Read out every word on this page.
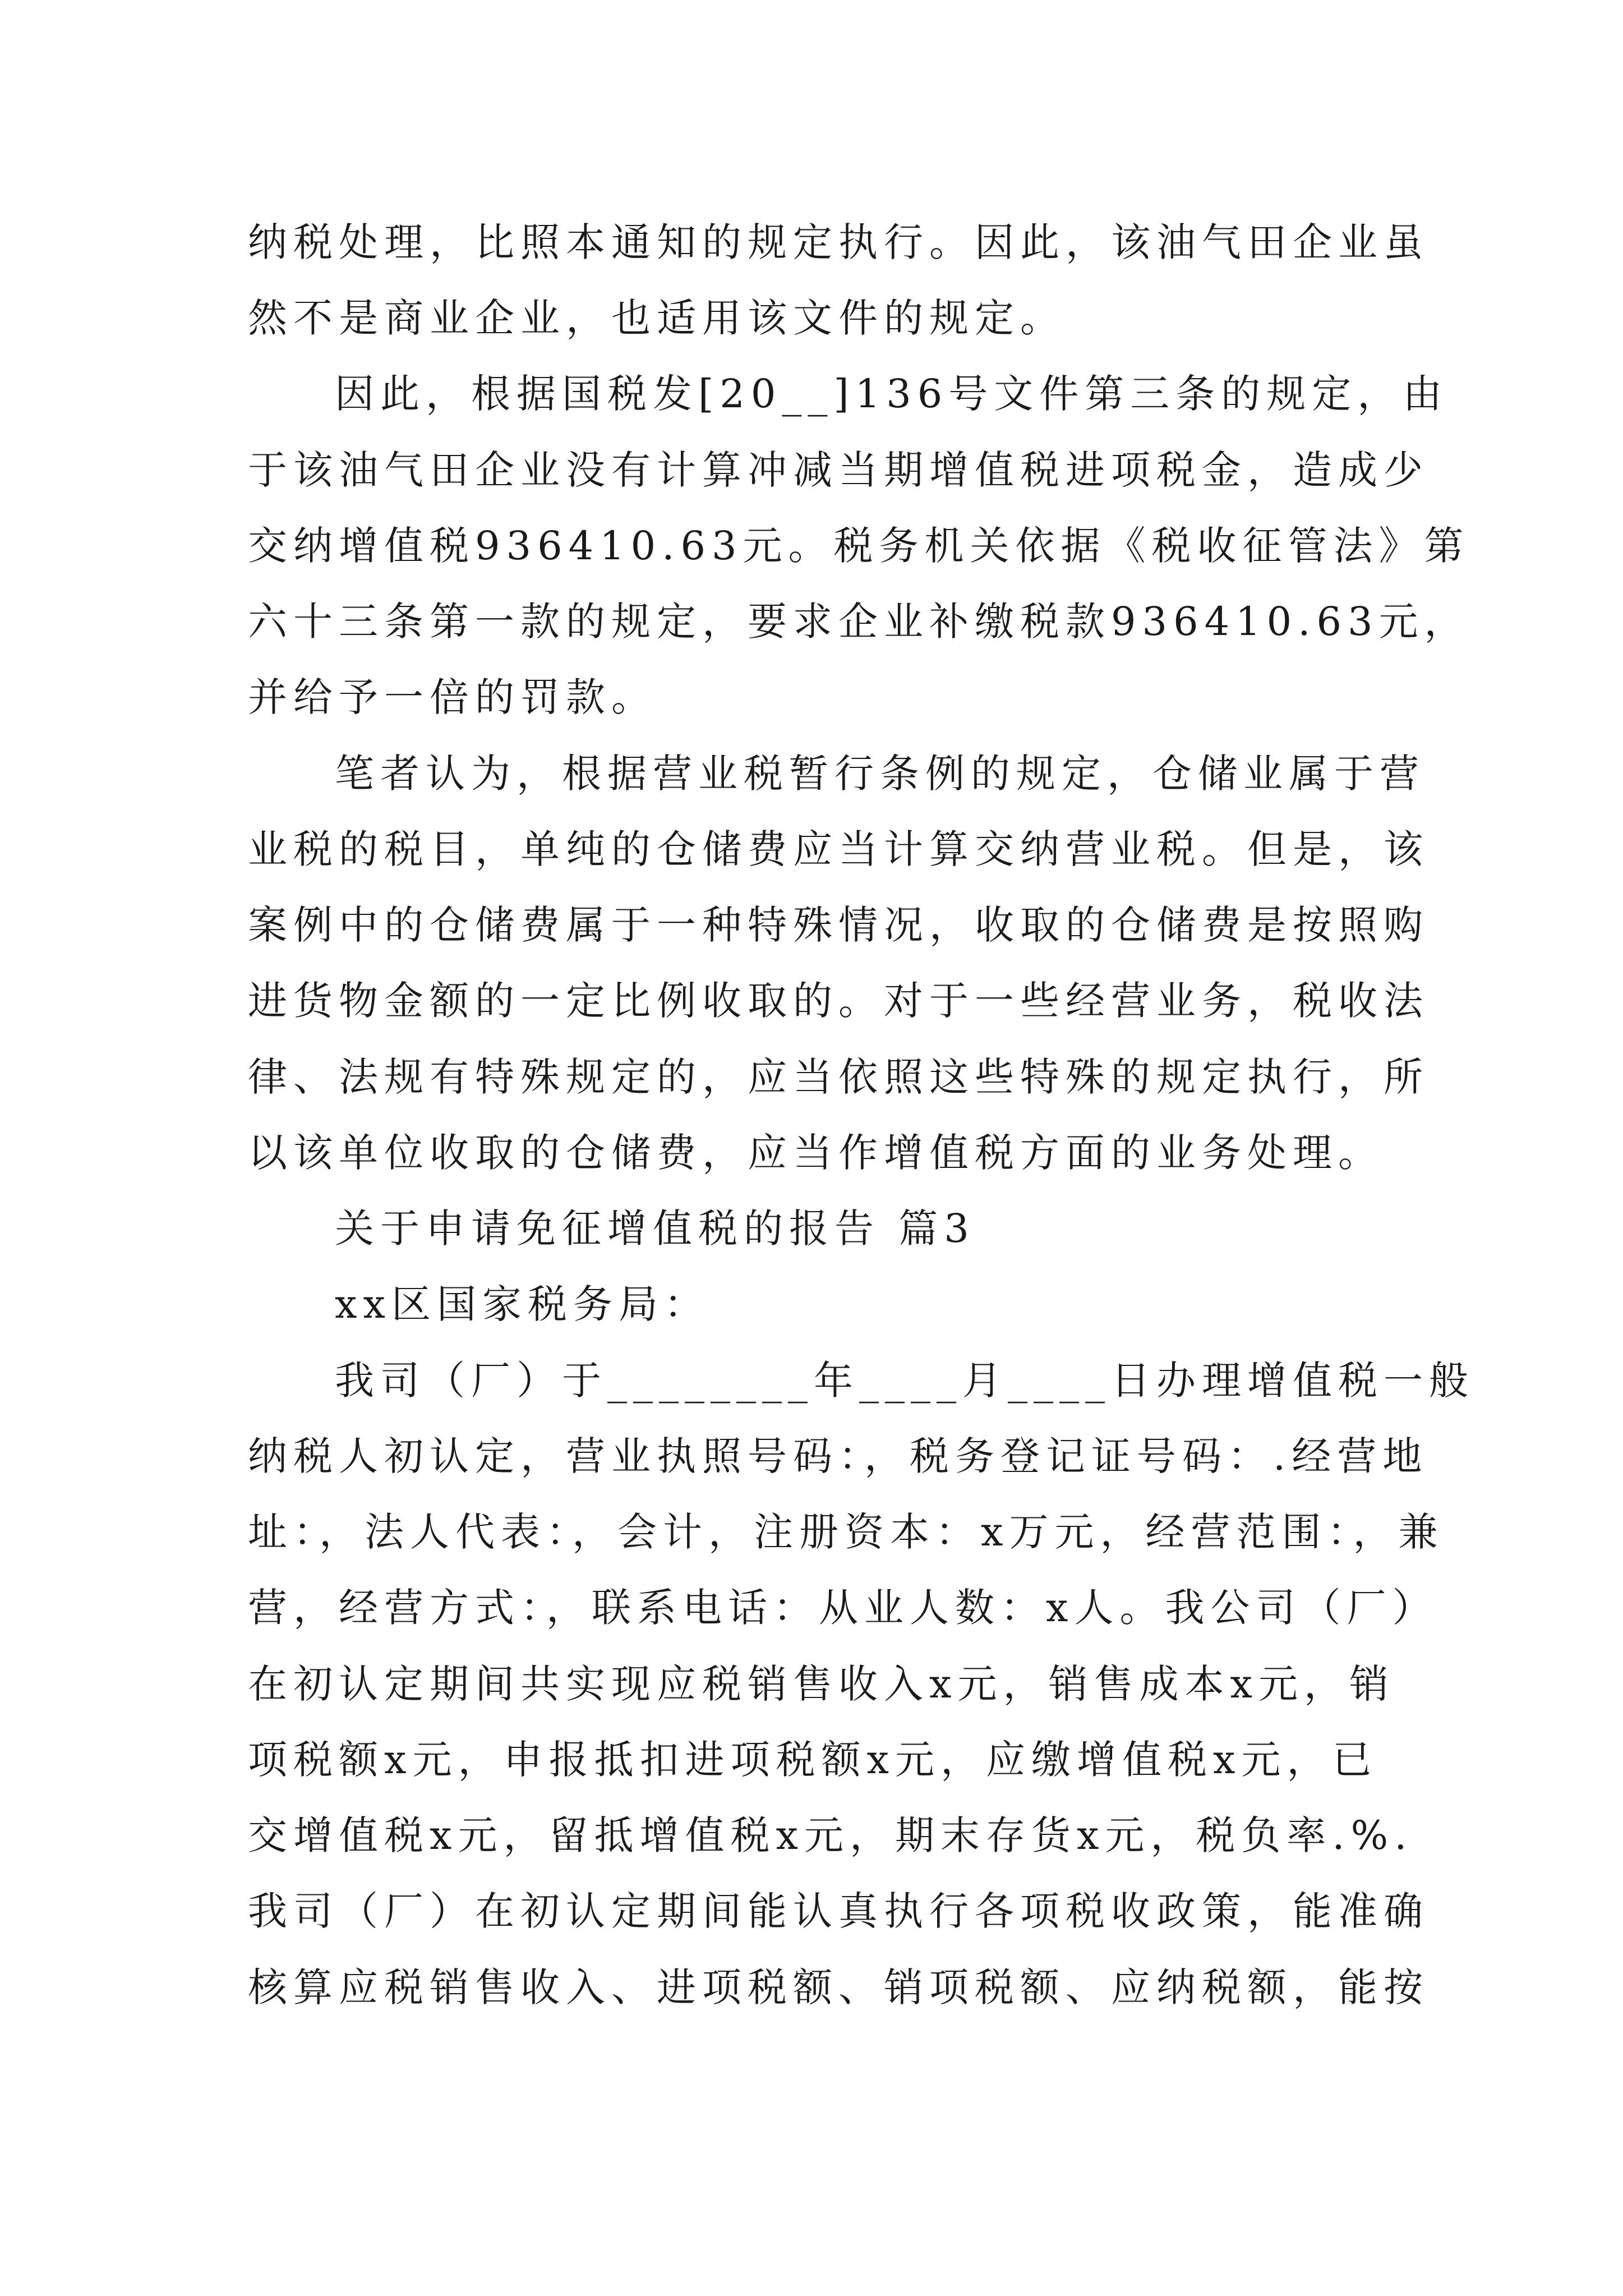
纳税处理，比照本通知的规定执行。因此，该油气田企业虽
然不是商业企业，也适用该文件的规定。
因此，根据国税发[20__]136号文件第三条的规定，由
于该油气田企业没有计算冲减当期增值税进项税金，造成少
交纳增值税936410.63元。税务机关依据《税收征管法》第
六十三条第一款的规定，要求企业补缴税款936410.63元，
并给予一倍的罚款。
笔者认为，根据营业税暂行条例的规定，仓储业属于营
业税的税目，单纯的仓储费应当计算交纳营业税。但是，该
案例中的仓储费属于一种特殊情况，收取的仓储费是按照购
进货物金额的一定比例收取的。对于一些经营业务，税收法
律、法规有特殊规定的，应当依照这些特殊的规定执行，所
以该单位收取的仓储费，应当作增值税方面的业务处理。
关于申请免征增值税的报告 篇3
xx区国家税务局：
我司（厂）于________年____月____日办理增值税一般
纳税人初认定，营业执照号码：，税务登记证号码：.经营地
址：，法人代表：，会计，注册资本：x万元，经营范围：，兼
营，经营方式：，联系电话：从业人数：x人。我公司（厂）
在初认定期间共实现应税销售收入x元，销售成本x元，销
项税额x元，申报抵扣进项税额x元，应缴增值税x元，已
交增值税x元，留抵增值税x元，期末存货x元，税负率.%.
我司（厂）在初认定期间能认真执行各项税收政策，能准确
核算应税销售收入、进项税额、销项税额、应纳税额，能按
